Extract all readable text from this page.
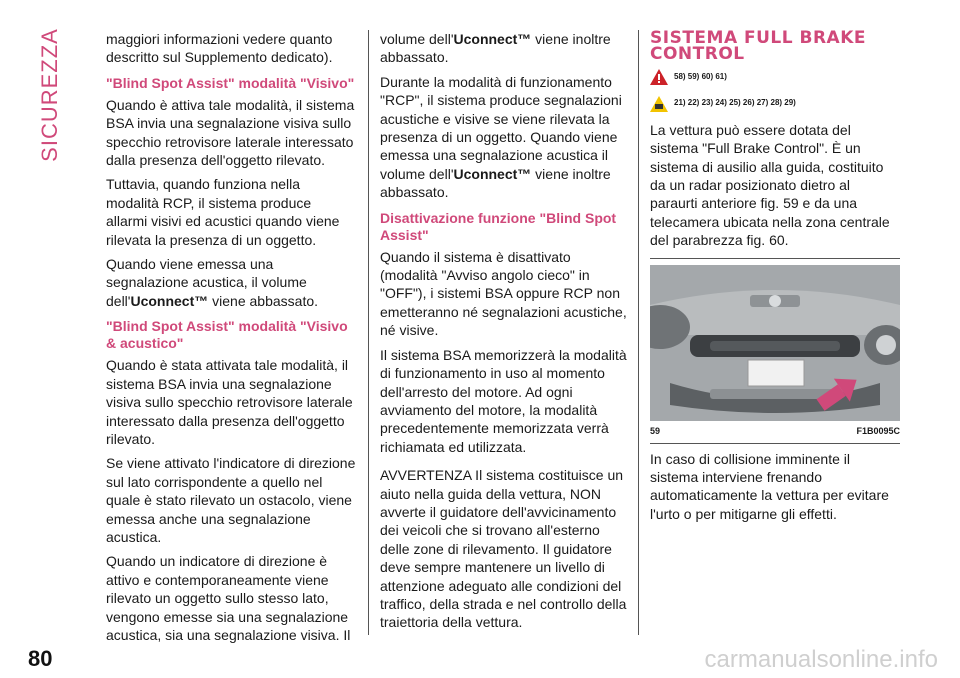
SICUREZZA	maggiori informazioni vedere quanto descritto sul Supplemento dedicato).

"Blind Spot Assist" modalità "Visivo"

Quando è attiva tale modalità, il sistema BSA invia una segnalazione visiva sullo specchio retrovisore laterale interessato dalla presenza dell'oggetto rilevato.

Tuttavia, quando funziona nella modalità RCP, il sistema produce allarmi visivi ed acustici quando viene rilevata la presenza di un oggetto.

Quando viene emessa una segnalazione acustica, il volume dell'Uconnect™ viene abbassato.

"Blind Spot Assist" modalità "Visivo & acustico"

Quando è stata attivata tale modalità, il sistema BSA invia una segnalazione visiva sullo specchio retrovisore laterale interessato dalla presenza dell'oggetto rilevato.

Se viene attivato l'indicatore di direzione sul lato corrispondente a quello nel quale è stato rilevato un ostacolo, viene emessa anche una segnalazione acustica.

Quando un indicatore di direzione è attivo e contemporaneamente viene rilevato un oggetto sullo stesso lato, vengono emesse sia una segnalazione acustica, sia una segnalazione visiva. Il

volume dell'Uconnect™ viene inoltre abbassato.

Durante la modalità di funzionamento "RCP", il sistema produce segnalazioni acustiche e visive se viene rilevata la presenza di un oggetto. Quando viene emessa una segnalazione acustica il volume dell'Uconnect™ viene inoltre abbassato.

Disattivazione funzione "Blind Spot Assist"

Quando il sistema è disattivato (modalità "Avviso angolo cieco" in "OFF"), i sistemi BSA oppure RCP non emetteranno né segnalazioni acustiche, né visive.

Il sistema BSA memorizzerà la modalità di funzionamento in uso al momento dell'arresto del motore. Ad ogni avviamento del motore, la modalità precedentemente memorizzata verrà richiamata ed utilizzata.

AVVERTENZA Il sistema costituisce un aiuto nella guida della vettura, NON avverte il guidatore dell'avvicinamento dei veicoli che si trovano all'esterno delle zone di rilevamento. Il guidatore deve sempre mantenere un livello di attenzione adeguato alle condizioni del traffico, della strada e nel controllo della traiettoria della vettura.

SISTEMA FULL BRAKE
CONTROL
58) 59) 60) 61)
21) 22) 23) 24) 25) 26) 27) 28) 29)

La vettura può essere dotata del sistema "Full Brake Control". È un sistema di ausilio alla guida, costituito da un radar posizionato dietro al paraurti anteriore fig. 59 e da una telecamera ubicata nella zona centrale del parabrezza fig. 60.

59	F1B0095C

In caso di collisione imminente il sistema interviene frenando automaticamente la vettura per evitare l'urto o per mitigarne gli effetti.

80	carmanualsonline.info
